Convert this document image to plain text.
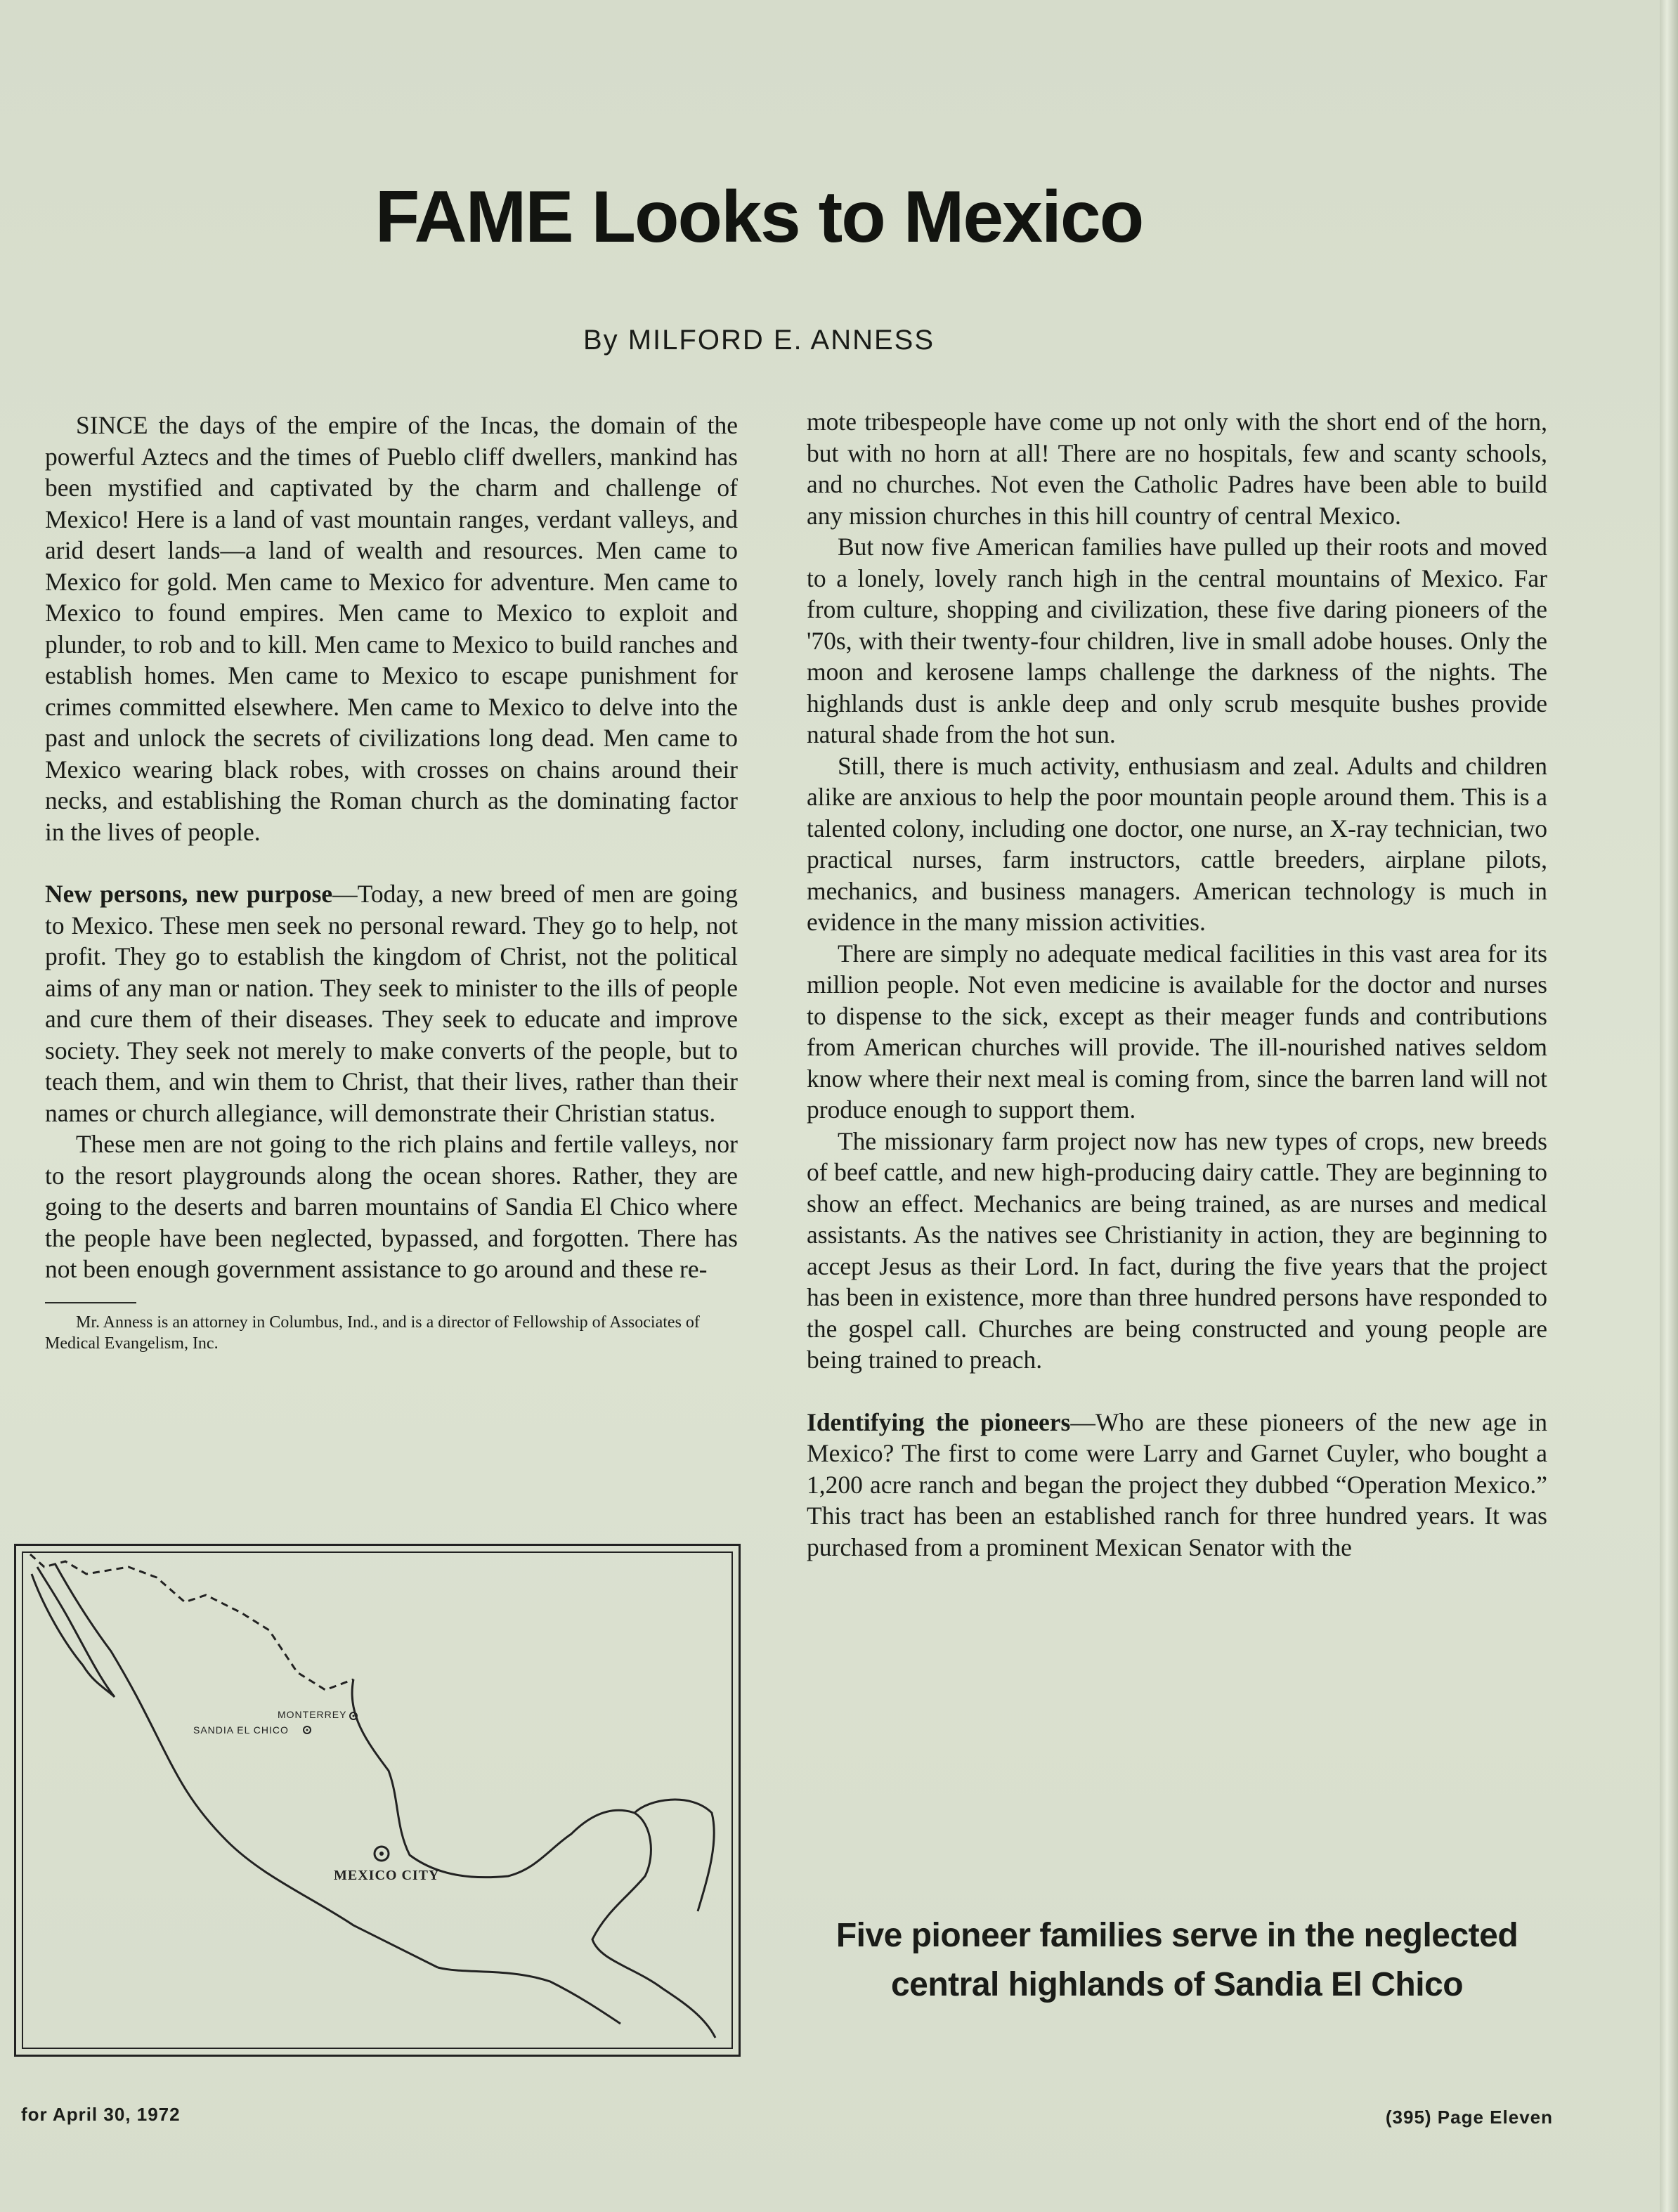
FAME Looks to Mexico
By MILFORD E. ANNESS

SINCE the days of the empire of the Incas, the domain of the powerful Aztecs and the times of Pueblo cliff dwellers, mankind has been mystified and captivated by the charm and challenge of Mexico! Here is a land of vast mountain ranges, verdant valleys, and arid desert lands—a land of wealth and resources. Men came to Mexico for gold. Men came to Mexico for adventure. Men came to Mexico to found empires. Men came to Mexico to exploit and plunder, to rob and to kill. Men came to Mexico to build ranches and establish homes. Men came to Mexico to escape punishment for crimes committed elsewhere. Men came to Mexico to delve into the past and unlock the secrets of civilizations long dead. Men came to Mexico wearing black robes, with crosses on chains around their necks, and establishing the Roman church as the dominating factor in the lives of people.

New persons, new purpose—Today, a new breed of men are going to Mexico. These men seek no personal reward. They go to help, not profit. They go to establish the kingdom of Christ, not the political aims of any man or nation. They seek to minister to the ills of people and cure them of their diseases. They seek to educate and improve society. They seek not merely to make converts of the people, but to teach them, and win them to Christ, that their lives, rather than their names or church allegiance, will demonstrate their Christian status.

These men are not going to the rich plains and fertile valleys, nor to the resort playgrounds along the ocean shores. Rather, they are going to the deserts and barren mountains of Sandia El Chico where the people have been neglected, bypassed, and forgotten. There has not been enough government assistance to go around and these re-

Mr. Anness is an attorney in Columbus, Ind., and is a director of Fellowship of Associates of Medical Evangelism, Inc.

MONTERREY
SANDIA EL CHICO
MEXICO CITY

mote tribespeople have come up not only with the short end of the horn, but with no horn at all! There are no hospitals, few and scanty schools, and no churches. Not even the Catholic Padres have been able to build any mission churches in this hill country of central Mexico.

But now five American families have pulled up their roots and moved to a lonely, lovely ranch high in the central mountains of Mexico. Far from culture, shopping and civilization, these five daring pioneers of the '70s, with their twenty-four children, live in small adobe houses. Only the moon and kerosene lamps challenge the darkness of the nights. The highlands dust is ankle deep and only scrub mesquite bushes provide natural shade from the hot sun.

Still, there is much activity, enthusiasm and zeal. Adults and children alike are anxious to help the poor mountain people around them. This is a talented colony, including one doctor, one nurse, an X-ray technician, two practical nurses, farm instructors, cattle breeders, airplane pilots, mechanics, and business managers. American technology is much in evidence in the many mission activities.

There are simply no adequate medical facilities in this vast area for its million people. Not even medicine is available for the doctor and nurses to dispense to the sick, except as their meager funds and contributions from American churches will provide. The ill-nourished natives seldom know where their next meal is coming from, since the barren land will not produce enough to support them.

The missionary farm project now has new types of crops, new breeds of beef cattle, and new high-producing dairy cattle. They are beginning to show an effect. Mechanics are being trained, as are nurses and medical assistants. As the natives see Christianity in action, they are beginning to accept Jesus as their Lord. In fact, during the five years that the project has been in existence, more than three hundred persons have responded to the gospel call. Churches are being constructed and young people are being trained to preach.

Identifying the pioneers—Who are these pioneers of the new age in Mexico? The first to come were Larry and Garnet Cuyler, who bought a 1,200 acre ranch and began the project they dubbed “Operation Mexico.” This tract has been an established ranch for three hundred years. It was purchased from a prominent Mexican Senator with the

Five pioneer families serve in the neglected
central highlands of Sandia El Chico
for April 30, 1972	(395) Page Eleven
